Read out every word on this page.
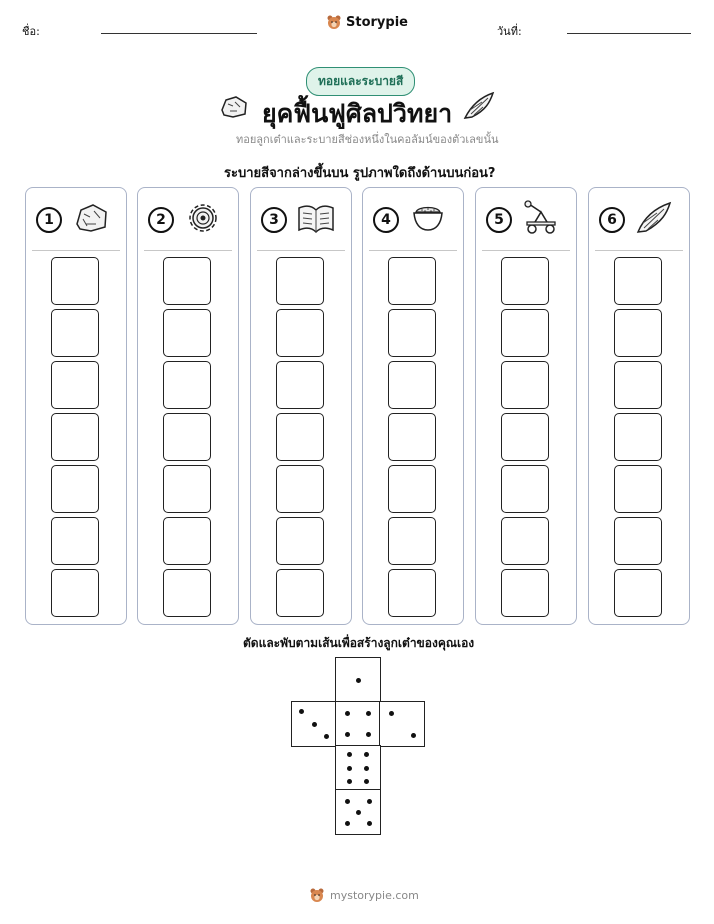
ชื่อ:
Storypie
วันที่:
ทอยและระบายสี
ยุคฟื้นฟูศิลปวิทยา
ทอยลูกเต๋าและระบายสีช่องหนึ่งในคอลัมน์ของตัวเลขนั้น
ระบายสีจากล่างขึ้นบน รูปภาพใดถึงด้านบนก่อน?
1	2	3	4	5	6
ตัดและพับตามเส้นเพื่อสร้างลูกเต๋าของคุณเอง
mystorypie.com
